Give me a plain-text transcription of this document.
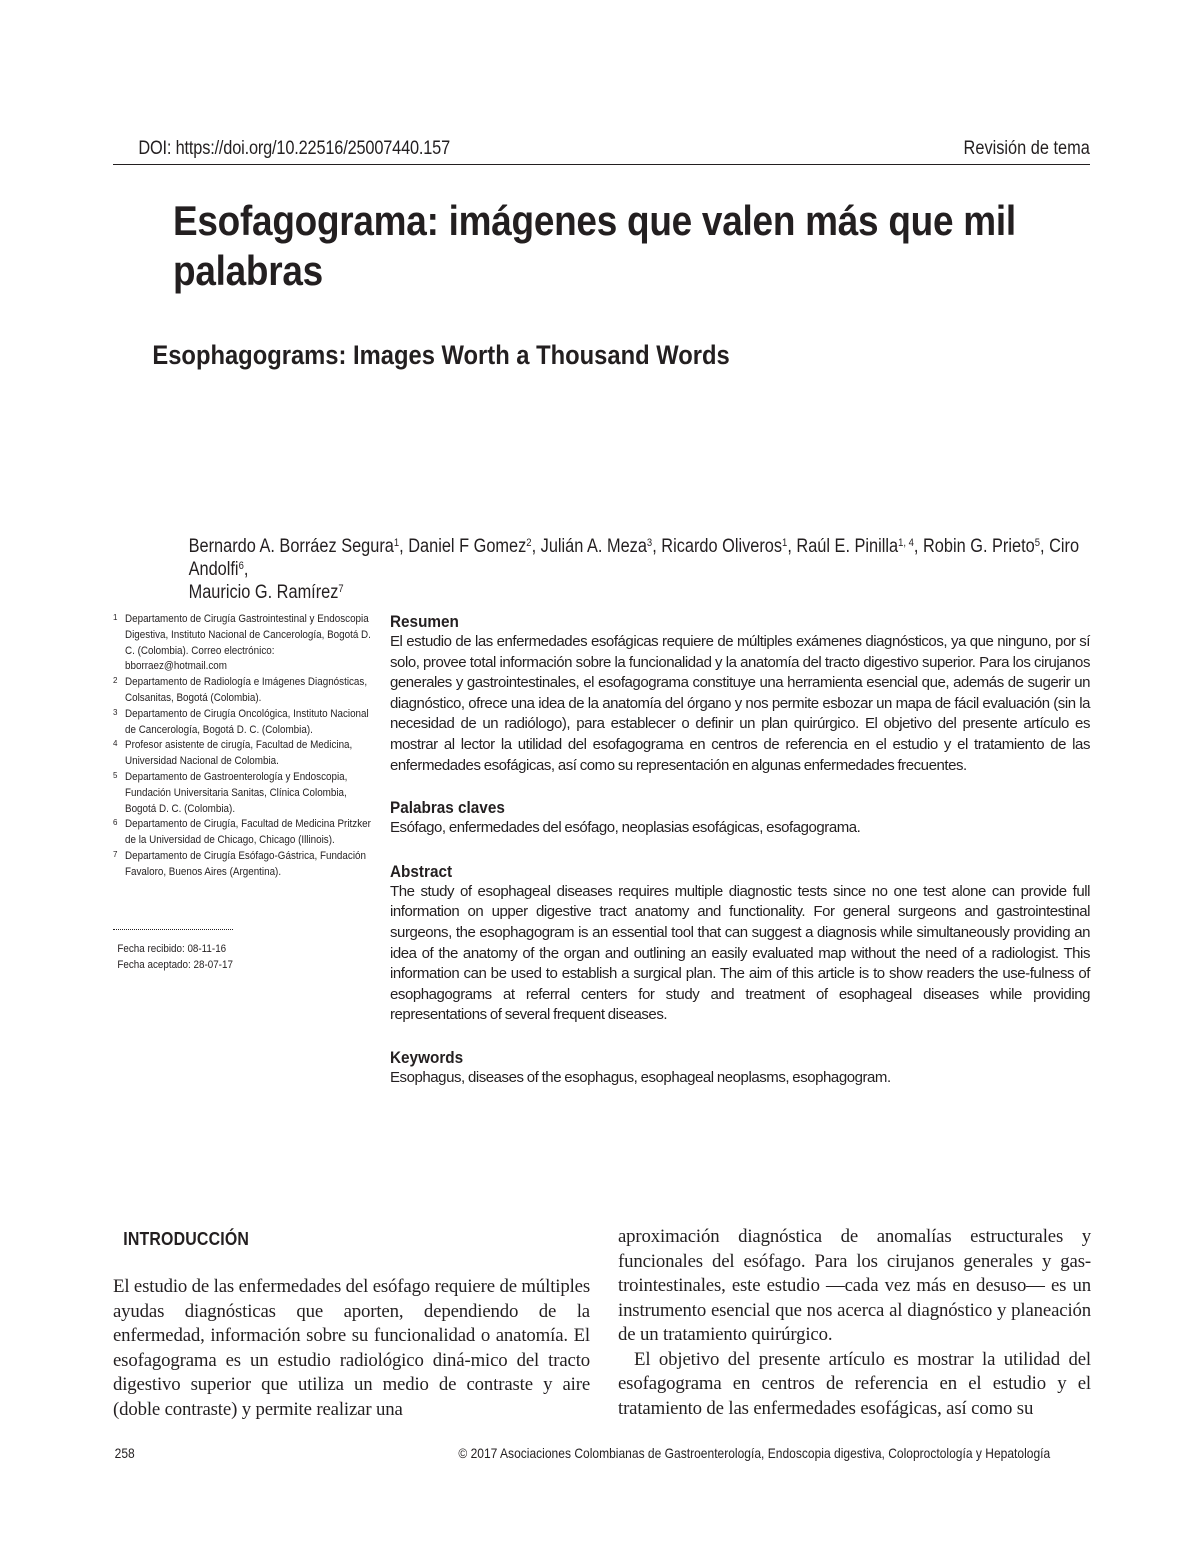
DOI: https://doi.org/10.22516/25007440.157	Revisión de tema
Esofagograma: imágenes que valen más que mil palabras
Esophagograms: Images Worth a Thousand Words
Bernardo A. Borráez Segura$^1$, Daniel F Gomez$^2$, Julián A. Meza$^3$, Ricardo Oliveros$^1$, Raúl E. Pinilla$^{1, 4}$, Robin G. Prieto$^5$, Ciro Andolfi$^6$,
Mauricio G. Ramírez$^7$
1 Departamento de Cirugía Gastrointestinal y Endoscopia Digestiva, Instituto Nacional de Cancerología, Bogotá D. C. (Colombia). Correo electrónico: bborraez@hotmail.com
2 Departamento de Radiología e Imágenes Diagnósticas, Colsanitas, Bogotá (Colombia).
3 Departamento de Cirugía Oncológica, Instituto Nacional de Cancerología, Bogotá D. C. (Colombia).
4 Profesor asistente de cirugía, Facultad de Medicina, Universidad Nacional de Colombia.
5 Departamento de Gastroenterología y Endoscopia, Fundación Universitaria Sanitas, Clínica Colombia, Bogotá D. C. (Colombia).
6 Departamento de Cirugía, Facultad de Medicina Pritzker de la Universidad de Chicago, Chicago (Illinois).
7 Departamento de Cirugía Esófago-Gástrica, Fundación Favaloro, Buenos Aires (Argentina).
Fecha recibido: 08-11-16
Fecha aceptado: 28-07-17
Resumen

El estudio de las enfermedades esofágicas requiere de múltiples exámenes diagnósticos, ya que ninguno, por sí solo, provee total información sobre la funcionalidad y la anatomía del tracto digestivo superior. Para los cirujanos generales y gastrointestinales, el esofagograma constituye una herramienta esencial que, además de sugerir un diagnóstico, ofrece una idea de la anatomía del órgano y nos permite esbozar un mapa de fácil evaluación (sin la necesidad de un radiólogo), para establecer o definir un plan quirúrgico. El objetivo del presente artículo es mostrar al lector la utilidad del esofagograma en centros de referencia en el estudio y el tratamiento de las enfermedades esofágicas, así como su representación en algunas enfermedades frecuentes.

Palabras claves

Esófago, enfermedades del esófago, neoplasias esofágicas, esofagograma.

Abstract

The study of esophageal diseases requires multiple diagnostic tests since no one test alone can provide full information on upper digestive tract anatomy and functionality. For general surgeons and gastrointestinal surgeons, the esophagogram is an essential tool that can suggest a diagnosis while simultaneously providing an idea of the anatomy of the organ and outlining an easily evaluated map without the need of a radiologist. This information can be used to establish a surgical plan. The aim of this article is to show readers the use-fulness of esophagograms at referral centers for study and treatment of esophageal diseases while providing representations of several frequent diseases.

Keywords

Esophagus, diseases of the esophagus, esophageal neoplasms, esophagogram.

INTRODUCCIÓN

El estudio de las enfermedades del esófago requiere de múltiples ayudas diagnósticas que aporten, dependiendo de la enfermedad, información sobre su funcionalidad o anatomía. El esofagograma es un estudio radiológico diná-mico del tracto digestivo superior que utiliza un medio de contraste y aire (doble contraste) y permite realizar una

aproximación diagnóstica de anomalías estructurales y funcionales del esófago. Para los cirujanos generales y gas-trointestinales, este estudio —cada vez más en desuso— es un instrumento esencial que nos acerca al diagnóstico y planeación de un tratamiento quirúrgico.

El objetivo del presente artículo es mostrar la utilidad del esofagograma en centros de referencia en el estudio y el tratamiento de las enfermedades esofágicas, así como su

258	© 2017 Asociaciones Colombianas de Gastroenterología, Endoscopia digestiva, Coloproctología y Hepatología
